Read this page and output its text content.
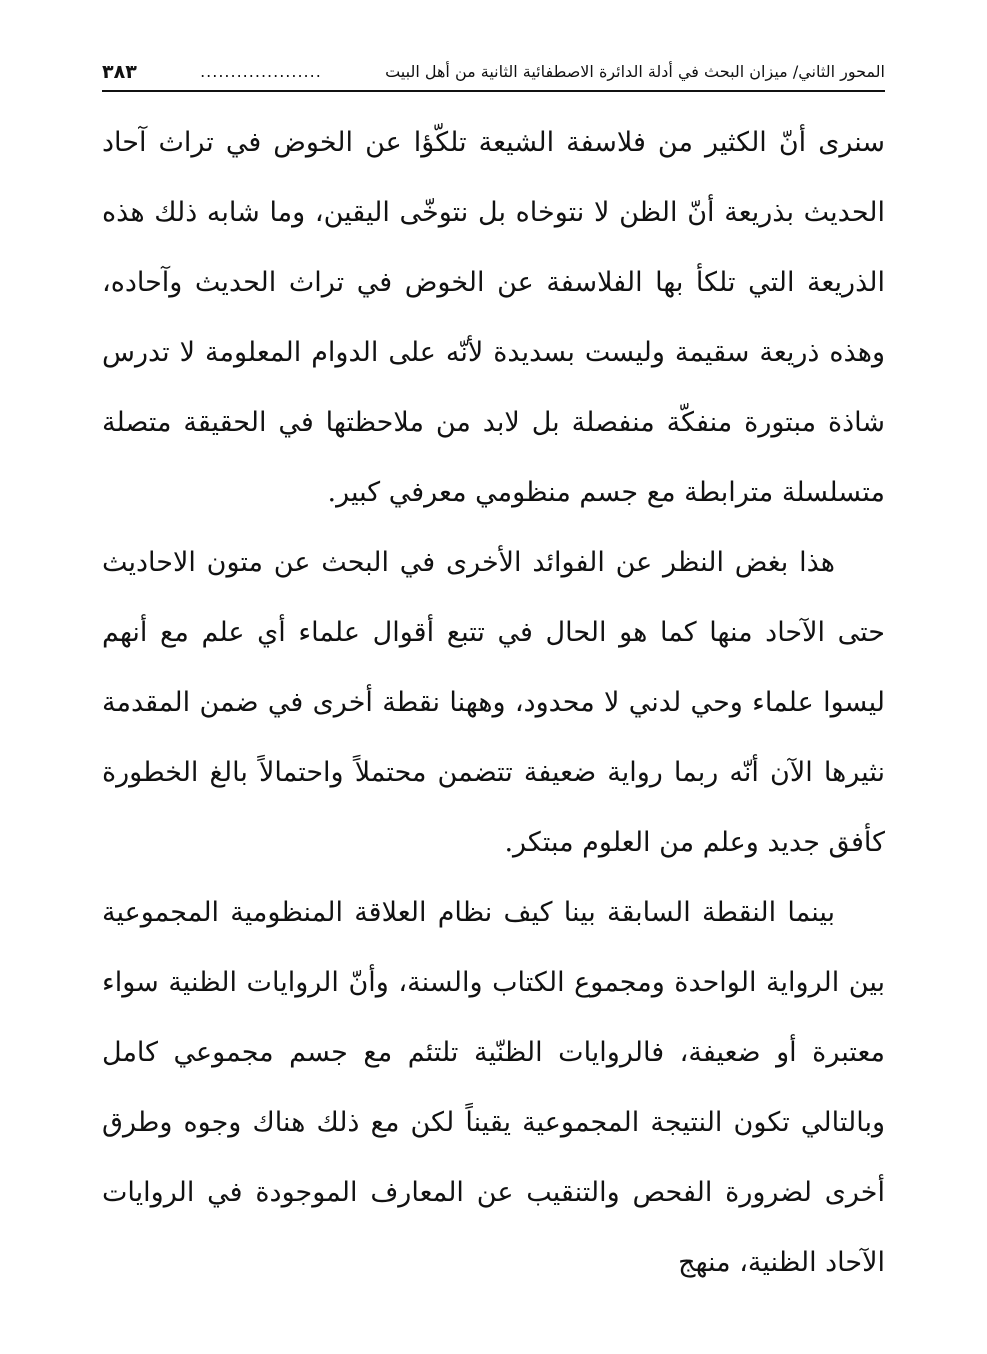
المحور الثاني/ ميزان البحث في أدلة الدائرة الاصطفائية الثانية من أهل البيت
....................
٣٨٣

سنرى أنّ الكثير من فلاسفة الشيعة تلكّؤا عن الخوض في تراث آحاد الحديث بذريعة أنّ الظن لا نتوخاه بل نتوخّى اليقين، وما شابه ذلك هذه الذريعة التي تلكأ بها الفلاسفة عن الخوض في تراث الحديث وآحاده، وهذه ذريعة سقيمة وليست بسديدة لأنّه على الدوام المعلومة لا تدرس شاذة مبتورة منفكّة منفصلة بل لابد من ملاحظتها في الحقيقة متصلة متسلسلة مترابطة مع جسم منظومي معرفي كبير.

هذا بغض النظر عن الفوائد الأخرى في البحث عن متون الاحاديث حتى الآحاد منها كما هو الحال في تتبع أقوال علماء أي علم مع أنهم ليسوا علماء وحي لدني لا محدود، وههنا نقطة أخرى في ضمن المقدمة نثيرها الآن أنّه ربما رواية ضعيفة تتضمن محتملاً واحتمالاً بالغ الخطورة كأفق جديد وعلم من العلوم مبتكر.

بينما النقطة السابقة بينا كيف نظام العلاقة المنظومية المجموعية بين الرواية الواحدة ومجموع الكتاب والسنة، وأنّ الروايات الظنية سواء معتبرة أو ضعيفة، فالروايات الظنّية تلتئم مع جسم مجموعي كامل وبالتالي تكون النتيجة المجموعية يقيناً لكن مع ذلك هناك وجوه وطرق أخرى لضرورة الفحص والتنقيب عن المعارف الموجودة في الروايات الآحاد الظنية، منهج
